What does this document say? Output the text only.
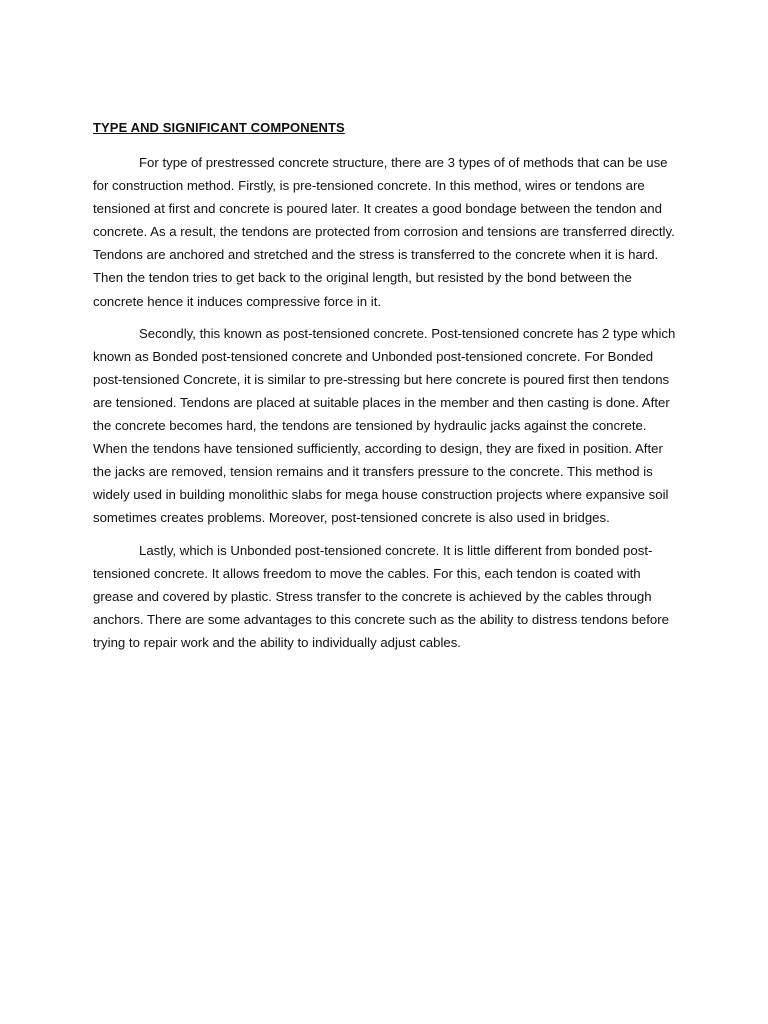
TYPE AND SIGNIFICANT COMPONENTS

For type of prestressed concrete structure, there are 3 types of of methods that can be use for construction method. Firstly, is pre-tensioned concrete. In this method, wires or tendons are tensioned at first and concrete is poured later. It creates a good bondage between the tendon and concrete. As a result, the tendons are protected from corrosion and tensions are transferred directly. Tendons are anchored and stretched and the stress is transferred to the concrete when it is hard. Then the tendon tries to get back to the original length, but resisted by the bond between the concrete hence it induces compressive force in it.

Secondly, this known as post-tensioned concrete. Post-tensioned concrete has 2 type which known as Bonded post-tensioned concrete and Unbonded post-tensioned concrete. For Bonded post-tensioned Concrete, it is similar to pre-stressing but here concrete is poured first then tendons are tensioned. Tendons are placed at suitable places in the member and then casting is done. After the concrete becomes hard, the tendons are tensioned by hydraulic jacks against the concrete. When the tendons have tensioned sufficiently, according to design, they are fixed in position. After the jacks are removed, tension remains and it transfers pressure to the concrete. This method is widely used in building monolithic slabs for mega house construction projects where expansive soil sometimes creates problems. Moreover, post-tensioned concrete is also used in bridges.

Lastly, which is Unbonded post-tensioned concrete. It is little different from bonded post-tensioned concrete. It allows freedom to move the cables. For this, each tendon is coated with grease and covered by plastic. Stress transfer to the concrete is achieved by the cables through anchors. There are some advantages to this concrete such as the ability to distress tendons before trying to repair work and the ability to individually adjust cables.
